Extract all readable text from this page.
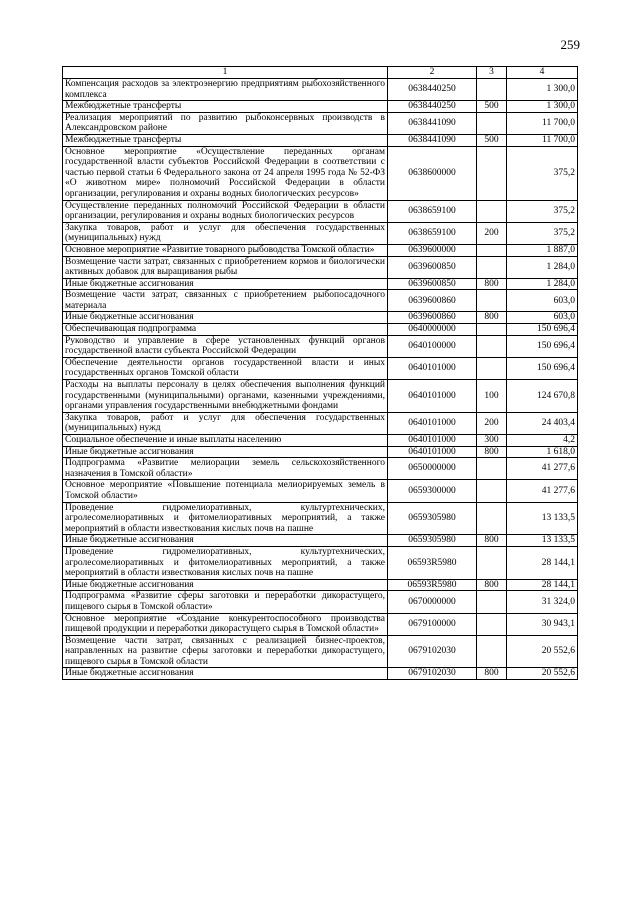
259
1	2	3	4
Компенсация расходов за электроэнергию предприятиям рыбохозяйственного комплекса	0638440250		1 300,0
Межбюджетные трансферты	0638440250	500	1 300,0
Реализация мероприятий по развитию рыбоконсервных производств в Александровском районе	0638441090		11 700,0
Межбюджетные трансферты	0638441090	500	11 700,0
Основное мероприятие «Осуществление переданных органам государственной власти субъектов Российской Федерации в соответствии с частью первой статьи 6 Федерального закона от 24 апреля 1995 года № 52-ФЗ «О животном мире» полномочий Российской Федерации в области организации, регулирования и охраны водных биологических ресурсов»	0638600000		375,2
Осуществление переданных полномочий Российской Федерации в области организации, регулирования и охраны водных биологических ресурсов	0638659100		375,2
Закупка товаров, работ и услуг для обеспечения государственных (муниципальных) нужд	0638659100	200	375,2
Основное мероприятие «Развитие товарного рыбоводства Томской области»	0639600000		1 887,0
Возмещение части затрат, связанных с приобретением кормов и биологически активных добавок для выращивания рыбы	0639600850		1 284,0
Иные бюджетные ассигнования	0639600850	800	1 284,0
Возмещение части затрат, связанных с приобретением рыбопосадочного материала	0639600860		603,0
Иные бюджетные ассигнования	0639600860	800	603,0
Обеспечивающая подпрограмма	0640000000		150 696,4
Руководство и управление в сфере установленных функций органов государственной власти субъекта Российской Федерации	0640100000		150 696,4
Обеспечение деятельности органов государственной власти и иных государственных органов Томской области	0640101000		150 696,4
Расходы на выплаты персоналу в целях обеспечения выполнения функций государственными (муниципальными) органами, казенными учреждениями, органами управления государственными внебюджетными фондами	0640101000	100	124 670,8
Закупка товаров, работ и услуг для обеспечения государственных (муниципальных) нужд	0640101000	200	24 403,4
Социальное обеспечение и иные выплаты населению	0640101000	300	4,2
Иные бюджетные ассигнования	0640101000	800	1 618,0
Подпрограмма «Развитие мелиорации земель сельскохозяйственного назначения в Томской области»	0650000000		41 277,6
Основное мероприятие «Повышение потенциала мелиорируемых земель в Томской области»	0659300000		41 277,6
Проведение гидромелиоративных, культуртехнических, агролесомелиоративных и фитомелиоративных мероприятий, а также мероприятий в области известкования кислых почв на пашне	0659305980		13 133,5
Иные бюджетные ассигнования	0659305980	800	13 133,5
Проведение гидромелиоративных, культуртехнических, агролесомелиоративных и фитомелиоративных мероприятий, а также мероприятий в области известкования кислых почв на пашне	06593R5980		28 144,1
Иные бюджетные ассигнования	06593R5980	800	28 144,1
Подпрограмма «Развитие сферы заготовки и переработки дикорастущего, пищевого сырья в Томской области»	0670000000		31 324,0
Основное мероприятие «Создание конкурентоспособного производства пищевой продукции и переработки дикорастущего сырья в Томской области»	0679100000		30 943,1
Возмещение части затрат, связанных с реализацией бизнес-проектов, направленных на развитие сферы заготовки и переработки дикорастущего, пищевого сырья в Томской области	0679102030		20 552,6
Иные бюджетные ассигнования	0679102030	800	20 552,6
